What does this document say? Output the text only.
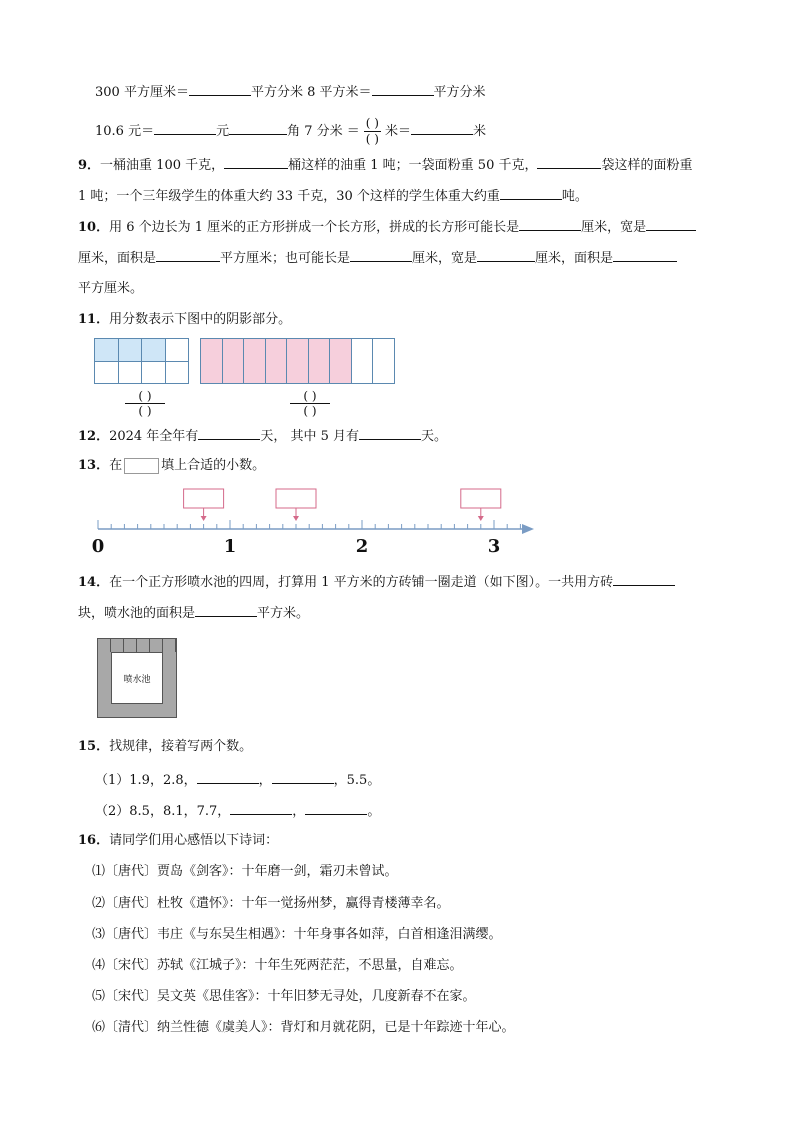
300 平方厘米＝	平方分米 8 平方米＝	平方分米
10.6 元＝	元	角 7 分米 ＝ $\frac{( )}{( )}$ 米＝	米
9．一桶油重 100 千克，	桶这样的油重 1 吨；一袋面粉重 50 千克，	袋这样的面粉重
1 吨；一个三年级学生的体重大约 33 千克，30 个这样的学生体重大约重	吨。
10．用 6 个边长为 1 厘米的正方形拼成一个长方形，拼成的长方形可能长是	厘米，宽是
厘米，面积是	平方厘米；也可能长是	厘米，宽是	厘米，面积是
平方厘米。
11．用分数表示下图中的阴影部分。
( )
( )
( )
( )
12．2024 年全年有	天， 其中 5 月有	天。
13．在	填上合适的小数。
0	1	2	3
14．在一个正方形喷水池的四周，打算用 1 平方米的方砖铺一圈走道（如下图）。一共用方砖
块，喷水池的面积是	平方米。
喷水池
15．找规律，接着写两个数。
（1）1.9，2.8，	，	，5.5。
（2）8.5，8.1，7.7，	，	。
16．请同学们用心感悟以下诗词：
⑴〔唐代〕贾岛《剑客》：十年磨一剑，霜刃未曾试。
⑵〔唐代〕杜牧《遣怀》：十年一觉扬州梦，赢得青楼薄幸名。
⑶〔唐代〕韦庄《与东吴生相遇》：十年身事各如萍，白首相逢泪满缨。
⑷〔宋代〕苏轼《江城子》：十年生死两茫茫，不思量，自难忘。
⑸〔宋代〕吴文英《思佳客》：十年旧梦无寻处，几度新春不在家。
⑹〔清代〕纳兰性德《虞美人》：背灯和月就花阴，已是十年踪迹十年心。
